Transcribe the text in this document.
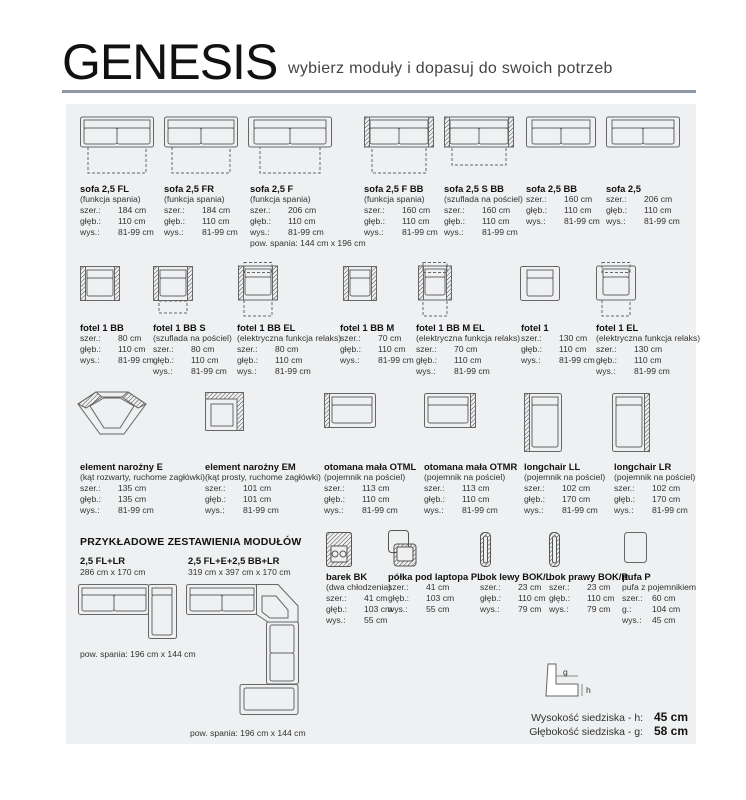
GENESIS wybierz moduły i dopasuj do swoich potrzeb
sofa 2,5 FL
(funkcja spania)
szer.: 184 cm
głęb.: 110 cm
wys.: 81-99 cm
sofa 2,5 FR
(funkcja spania)
szer.: 184 cm
głęb.: 110 cm
wys.: 81-99 cm
sofa 2,5 F
(funkcja spania)
szer.: 206 cm
głęb.: 110 cm
wys.: 81-99 cm
pow. spania: 144 cm x 196 cm
sofa 2,5 F BB
(funkcja spania)
szer.: 160 cm
głęb.: 110 cm
wys.: 81-99 cm
sofa 2,5 S BB
(szuflada na pościel)
szer.: 160 cm
głęb.: 110 cm
wys.: 81-99 cm
sofa 2,5 BB
szer.: 160 cm
głęb.: 110 cm
wys.: 81-99 cm
sofa 2,5
szer.: 206 cm
głęb.: 110 cm
wys.: 81-99 cm
fotel 1 BB
szer.: 80 cm
głęb.: 110 cm
wys.: 81-99 cm
fotel 1 BB S
(szuflada na pościel)
szer.: 80 cm
głęb.: 110 cm
wys.: 81-99 cm
fotel 1 BB EL
(elektryczna funkcja relaks)
szer.: 80 cm
głęb.: 110 cm
wys.: 81-99 cm
fotel 1 BB M
szer.: 70 cm
głęb.: 110 cm
wys.: 81-99 cm
fotel 1 BB M EL
(elektryczna funkcja relaks)
szer.: 70 cm
głęb.: 110 cm
wys.: 81-99 cm
fotel 1
szer.: 130 cm
głęb.: 110 cm
wys.: 81-99 cm
fotel 1 EL
(elektryczna funkcja relaks)
szer.: 130 cm
głęb.: 110 cm
wys.: 81-99 cm
element narożny E
(kąt rozwarty, ruchome zagłówki)
szer.: 135 cm
głęb.: 135 cm
wys.: 81-99 cm
element narożny EM
(kąt prosty, ruchome zagłówki)
szer.: 101 cm
głęb.: 101 cm
wys.: 81-99 cm
otomana mała OTML
(pojemnik na pościel)
szer.: 113 cm
głęb.: 110 cm
wys.: 81-99 cm
otomana mała OTMR
(pojemnik na pościel)
szer.: 113 cm
głęb.: 110 cm
wys.: 81-99 cm
longchair LL
(pojemnik na pościel)
szer.: 102 cm
głęb.: 170 cm
wys.: 81-99 cm
longchair LR
(pojemnik na pościel)
szer.: 102 cm
głęb.: 170 cm
wys.: 81-99 cm
PRZYKŁADOWE ZESTAWIENIA MODUŁÓW
2,5 FL+LR
286 cm x 170 cm
pow. spania: 196 cm x 144 cm
2,5 FL+E+2,5 BB+LR
319 cm x 397 cm x 170 cm
pow. spania: 196 cm x 144 cm
barek BK
(dwa chłodzenia)
szer.: 41 cm
głęb.: 103 cm
wys.: 55 cm
półka pod laptopa PL
szer.: 41 cm
głęb.: 103 cm
wys.: 55 cm
bok lewy BOK/L
szer.: 23 cm
głęb.: 110 cm
wys.: 79 cm
bok prawy BOK/R
szer.: 23 cm
głęb.: 110 cm
wys.: 79 cm
pufa P
pufa z pojemnikiem
szer.: 60 cm
g.: 104 cm
wys.: 45 cm
g
h
Wysokość siedziska - h: 45 cm
Głębokość siedziska - g: 58 cm
